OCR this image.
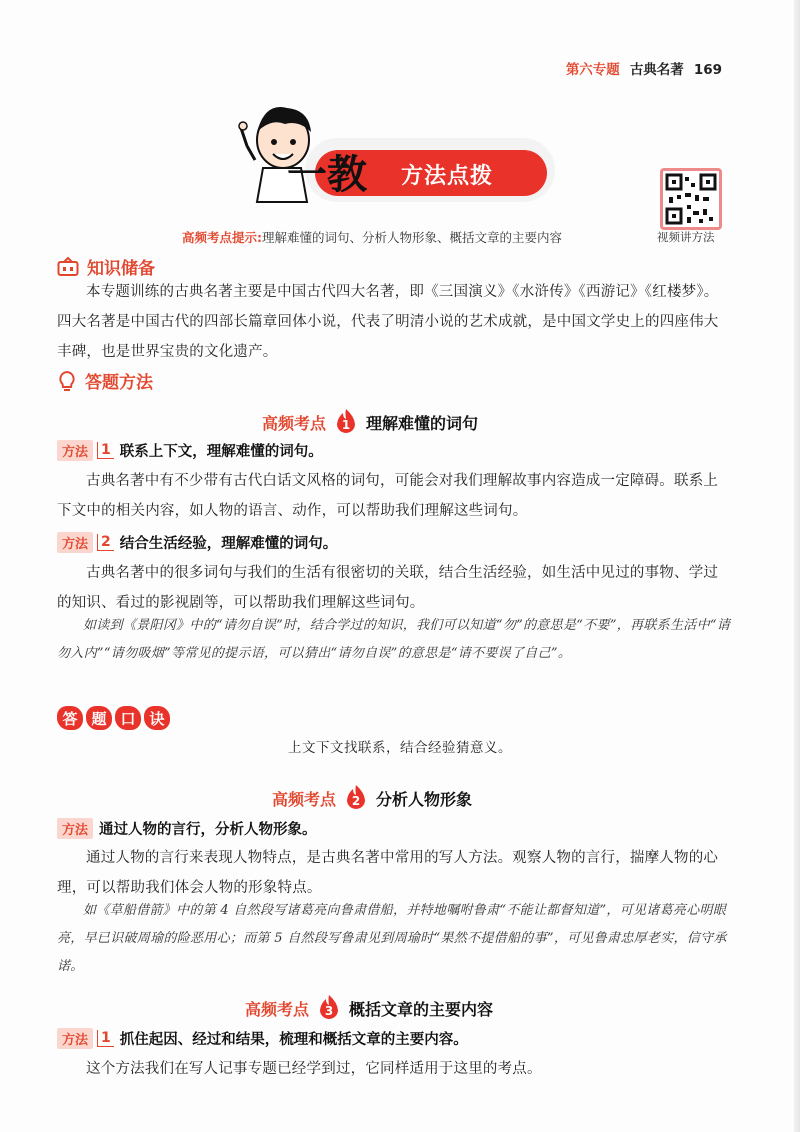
第六专题 古典名著 169
一教 方法点拨
视频讲方法
高频考点提示:理解难懂的词句、分析人物形象、概括文章的主要内容
知识储备
本专题训练的古典名著主要是中国古代四大名著，即《三国演义》《水浒传》《西游记》《红楼梦》。四大名著是中国古代的四部长篇章回体小说，代表了明清小说的艺术成就，是中国文学史上的四座伟大丰碑，也是世界宝贵的文化遗产。
答题方法
高频考点 1 理解难懂的词句
方法 1 联系上下文，理解难懂的词句。
古典名著中有不少带有古代白话文风格的词句，可能会对我们理解故事内容造成一定障碍。联系上下文中的相关内容，如人物的语言、动作，可以帮助我们理解这些词句。
方法 2 结合生活经验，理解难懂的词句。
古典名著中的很多词句与我们的生活有很密切的关联，结合生活经验，如生活中见过的事物、学过的知识、看过的影视剧等，可以帮助我们理解这些词句。
如读到《景阳冈》中的“请勿自误”时，结合学过的知识，我们可以知道“勿”的意思是“不要”，再联系生活中“请勿入内”“请勿吸烟”等常见的提示语，可以猜出“请勿自误”的意思是“请不要误了自己”。
答 题 口 诀
上文下文找联系，结合经验猜意义。
高频考点 2 分析人物形象
方法 通过人物的言行，分析人物形象。
通过人物的言行来表现人物特点，是古典名著中常用的写人方法。观察人物的言行，揣摩人物的心理，可以帮助我们体会人物的形象特点。
如《草船借箭》中的第 4 自然段写诸葛亮向鲁肃借船，并特地嘱咐鲁肃“不能让都督知道”，可见诸葛亮心明眼亮，早已识破周瑜的险恶用心；而第 5 自然段写鲁肃见到周瑜时“果然不提借船的事”，可见鲁肃忠厚老实，信守承诺。
高频考点 3 概括文章的主要内容
方法 1 抓住起因、经过和结果，梳理和概括文章的主要内容。
这个方法我们在写人记事专题已经学到过，它同样适用于这里的考点。
